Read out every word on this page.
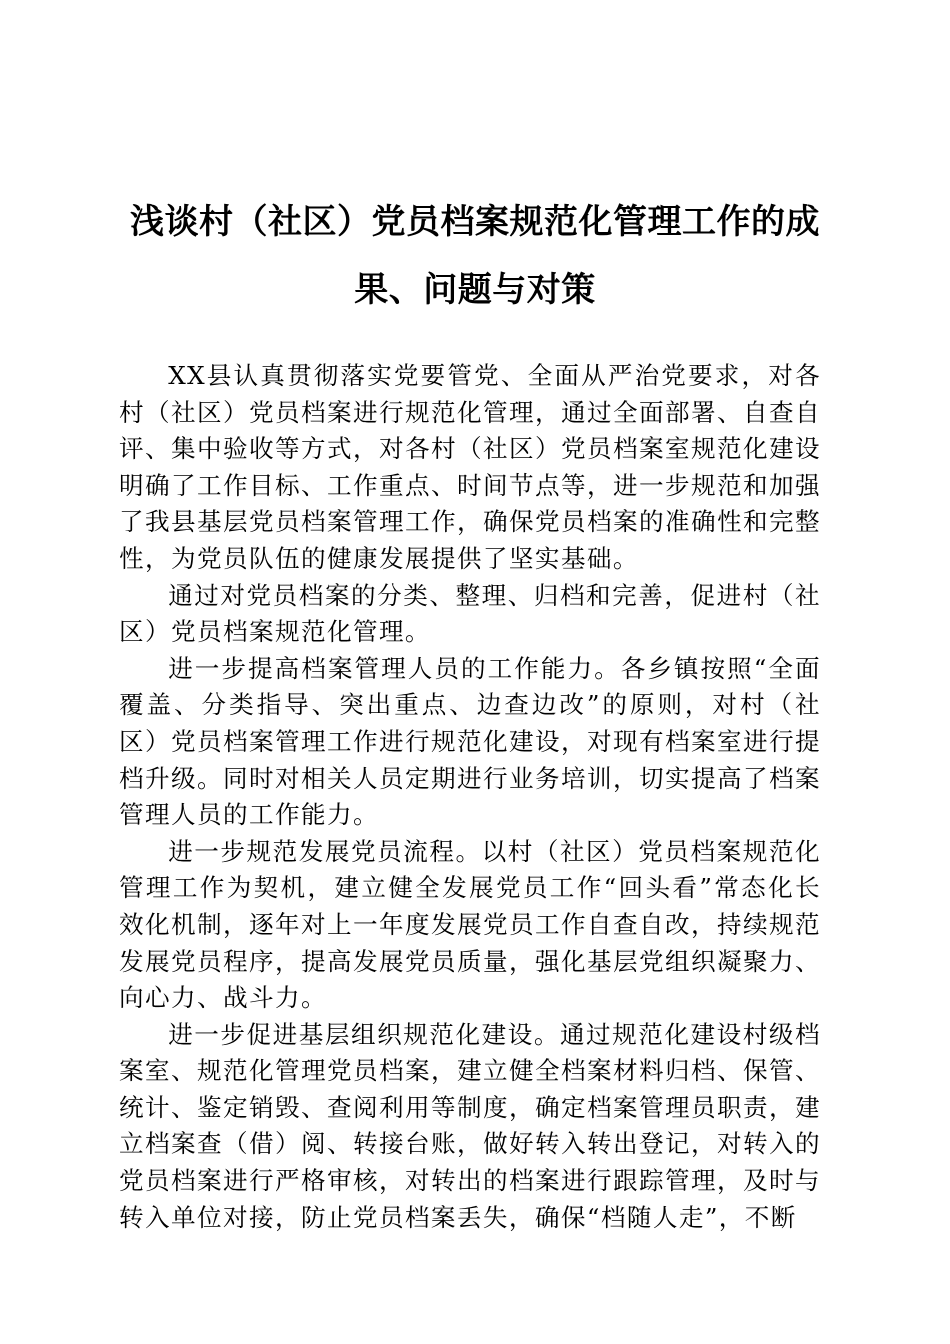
浅谈村（社区）党员档案规范化管理工作的成果、问题与对策

XX县认真贯彻落实党要管党、全面从严治党要求，对各村（社区）党员档案进行规范化管理，通过全面部署、自查自评、集中验收等方式，对各村（社区）党员档案室规范化建设明确了工作目标、工作重点、时间节点等，进一步规范和加强了我县基层党员档案管理工作，确保党员档案的准确性和完整性，为党员队伍的健康发展提供了坚实基础。

通过对党员档案的分类、整理、归档和完善，促进村（社区）党员档案规范化管理。

进一步提高档案管理人员的工作能力。各乡镇按照“全面覆盖、分类指导、突出重点、边查边改”的原则，对村（社区）党员档案管理工作进行规范化建设，对现有档案室进行提档升级。同时对相关人员定期进行业务培训，切实提高了档案管理人员的工作能力。

进一步规范发展党员流程。以村（社区）党员档案规范化管理工作为契机，建立健全发展党员工作“回头看”常态化长效化机制，逐年对上一年度发展党员工作自查自改，持续规范发展党员程序，提高发展党员质量，强化基层党组织凝聚力、向心力、战斗力。

进一步促进基层组织规范化建设。通过规范化建设村级档案室、规范化管理党员档案，建立健全档案材料归档、保管、统计、鉴定销毁、查阅利用等制度，确定档案管理员职责，建立档案查（借）阅、转接台账，做好转入转出登记，对转入的党员档案进行严格审核，对转出的档案进行跟踪管理，及时与转入单位对接，防止党员档案丢失，确保“档随人走”，不断
